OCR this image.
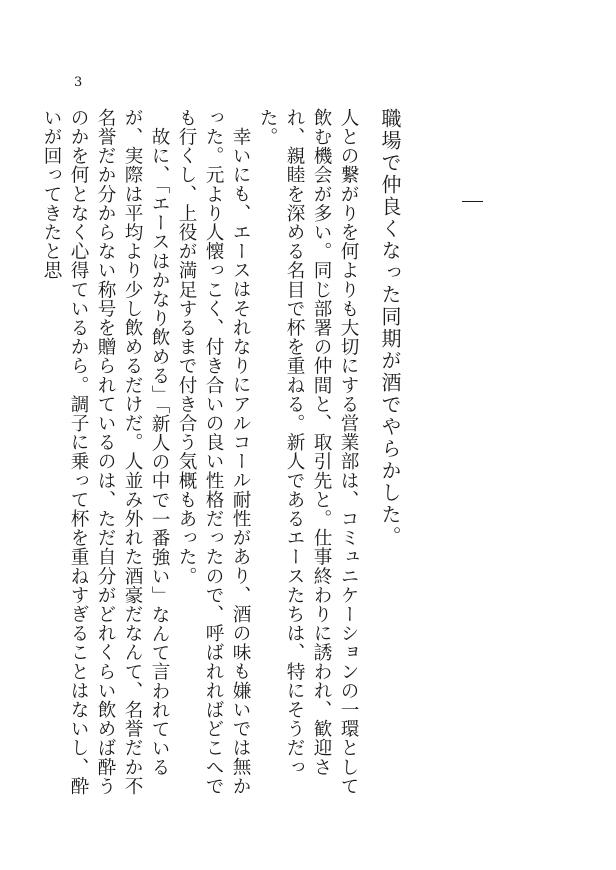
3
職場で仲良くなった同期が酒でやらかした。

人との繋がりを何よりも大切にする営業部は、コミュニケーションの一環として飲む機会が多い。同じ部署の仲間と、取引先と。仕事終わりに誘われ、歓迎され、親睦を深める名目で杯を重ねる。新人であるエースたちは、特にそうだった。

幸いにも、エースはそれなりにアルコール耐性があり、酒の味も嫌いでは無かった。元より人懐っこく、付き合いの良い性格だったので、呼ばれればどこへでも行くし、上役が満足するまで付き合う気概もあった。

故に、「エースはかなり飲める」「新人の中で一番強い」なんて言われているが、実際は平均より少し飲めるだけだ。人並み外れた酒豪だなんて、名誉だか不名誉だか分からない称号を贈られているのは、ただ自分がどれくらい飲めば酔うのかを何となく心得ているから。調子に乗って杯を重ねすぎることはないし、酔いが回ってきたと思
